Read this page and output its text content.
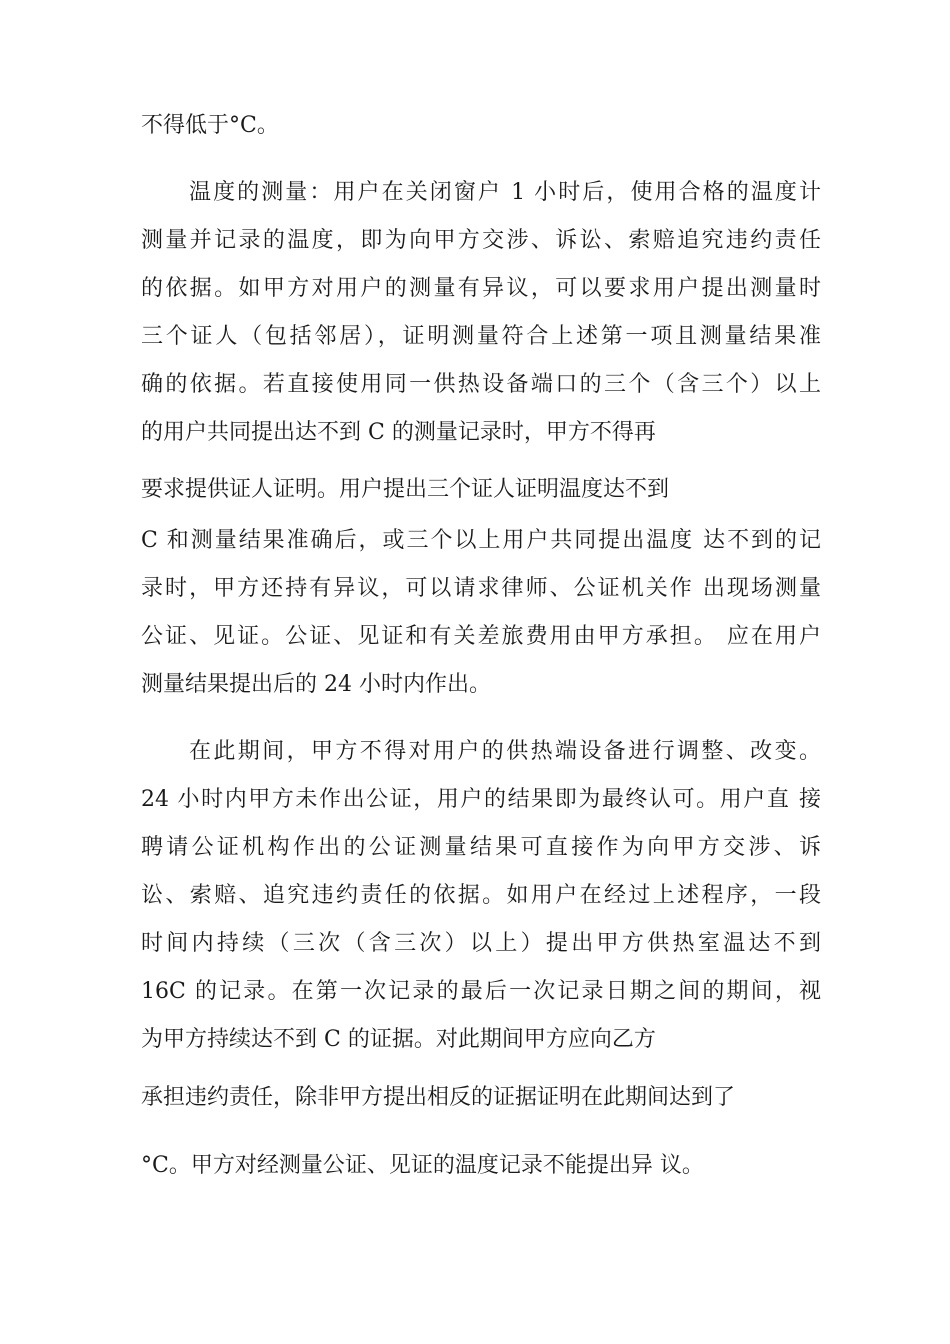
不得低于°C。
温度的测量：用户在关闭窗户 1 小时后，使用合格的温度计
测量并记录的温度，即为向甲方交涉、诉讼、索赔追究违约责任
的依据。如甲方对用户的测量有异议，可以要求用户提出测量时
三个证人（包括邻居），证明测量符合上述第一项且测量结果准
确的依据。若直接使用同一供热设备端口的三个（含三个）以上
的用户共同提出达不到 C 的测量记录时，甲方不得再
要求提供证人证明。用户提出三个证人证明温度达不到
C 和测量结果准确后，或三个以上用户共同提出温度 达不到的记
录时，甲方还持有异议，可以请求律师、公证机关作 出现场测量
公证、见证。公证、见证和有关差旅费用由甲方承担。 应在用户
测量结果提出后的 24 小时内作出。
在此期间，甲方不得对用户的供热端设备进行调整、改变。
24 小时内甲方未作出公证，用户的结果即为最终认可。用户直 接
聘请公证机构作出的公证测量结果可直接作为向甲方交涉、诉
讼、索赔、追究违约责任的依据。如用户在经过上述程序，一段
时间内持续（三次（含三次）以上）提出甲方供热室温达不到
16C 的记录。在第一次记录的最后一次记录日期之间的期间，视
为甲方持续达不到 C 的证据。对此期间甲方应向乙方
承担违约责任，除非甲方提出相反的证据证明在此期间达到了
°C。甲方对经测量公证、见证的温度记录不能提出异 议。
